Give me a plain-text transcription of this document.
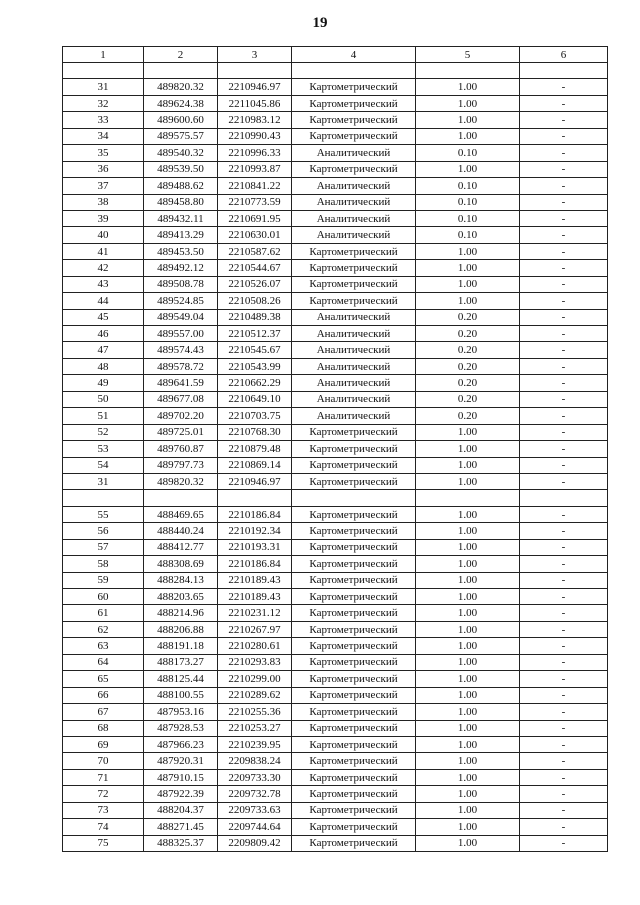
19
1	2	3	4	5	6

31	489820.32	2210946.97	Картометрический	1.00	-
32	489624.38	2211045.86	Картометрический	1.00	-
33	489600.60	2210983.12	Картометрический	1.00	-
34	489575.57	2210990.43	Картометрический	1.00	-
35	489540.32	2210996.33	Аналитический	0.10	-
36	489539.50	2210993.87	Картометрический	1.00	-
37	489488.62	2210841.22	Аналитический	0.10	-
38	489458.80	2210773.59	Аналитический	0.10	-
39	489432.11	2210691.95	Аналитический	0.10	-
40	489413.29	2210630.01	Аналитический	0.10	-
41	489453.50	2210587.62	Картометрический	1.00	-
42	489492.12	2210544.67	Картометрический	1.00	-
43	489508.78	2210526.07	Картометрический	1.00	-
44	489524.85	2210508.26	Картометрический	1.00	-
45	489549.04	2210489.38	Аналитический	0.20	-
46	489557.00	2210512.37	Аналитический	0.20	-
47	489574.43	2210545.67	Аналитический	0.20	-
48	489578.72	2210543.99	Аналитический	0.20	-
49	489641.59	2210662.29	Аналитический	0.20	-
50	489677.08	2210649.10	Аналитический	0.20	-
51	489702.20	2210703.75	Аналитический	0.20	-
52	489725.01	2210768.30	Картометрический	1.00	-
53	489760.87	2210879.48	Картометрический	1.00	-
54	489797.73	2210869.14	Картометрический	1.00	-
31	489820.32	2210946.97	Картометрический	1.00	-

55	488469.65	2210186.84	Картометрический	1.00	-
56	488440.24	2210192.34	Картометрический	1.00	-
57	488412.77	2210193.31	Картометрический	1.00	-
58	488308.69	2210186.84	Картометрический	1.00	-
59	488284.13	2210189.43	Картометрический	1.00	-
60	488203.65	2210189.43	Картометрический	1.00	-
61	488214.96	2210231.12	Картометрический	1.00	-
62	488206.88	2210267.97	Картометрический	1.00	-
63	488191.18	2210280.61	Картометрический	1.00	-
64	488173.27	2210293.83	Картометрический	1.00	-
65	488125.44	2210299.00	Картометрический	1.00	-
66	488100.55	2210289.62	Картометрический	1.00	-
67	487953.16	2210255.36	Картометрический	1.00	-
68	487928.53	2210253.27	Картометрический	1.00	-
69	487966.23	2210239.95	Картометрический	1.00	-
70	487920.31	2209838.24	Картометрический	1.00	-
71	487910.15	2209733.30	Картометрический	1.00	-
72	487922.39	2209732.78	Картометрический	1.00	-
73	488204.37	2209733.63	Картометрический	1.00	-
74	488271.45	2209744.64	Картометрический	1.00	-
75	488325.37	2209809.42	Картометрический	1.00	-
